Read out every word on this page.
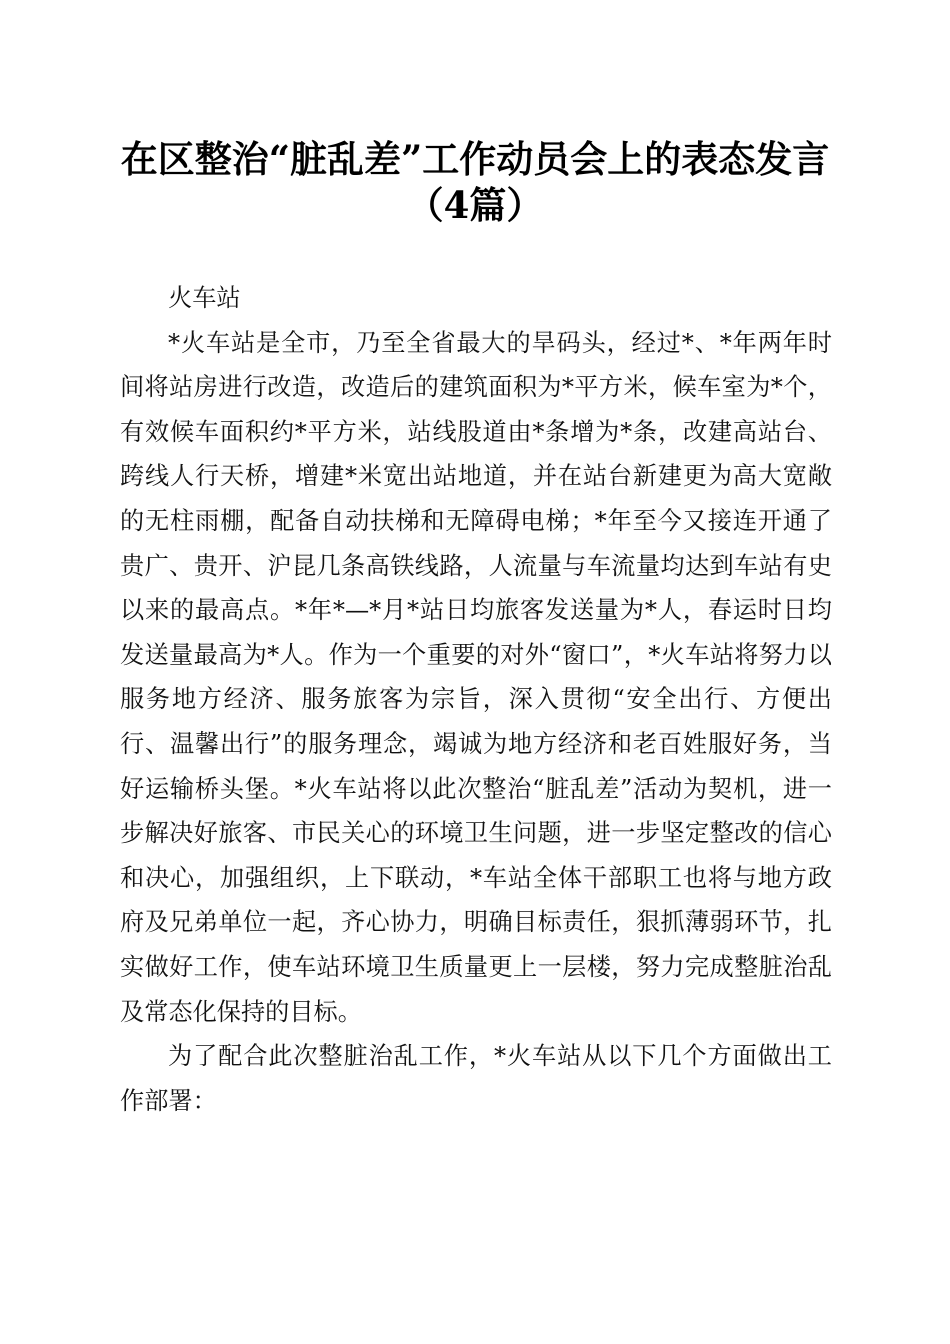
在区整治“脏乱差”工作动员会上的表态发言
（4篇）

火车站

*火车站是全市，乃至全省最大的旱码头，经过*、*年两年时间将站房进行改造，改造后的建筑面积为*平方米，候车室为*个，有效候车面积约*平方米，站线股道由*条增为*条，改建高站台、跨线人行天桥，增建*米宽出站地道，并在站台新建更为高大宽敞的无柱雨棚，配备自动扶梯和无障碍电梯；*年至今又接连开通了贵广、贵开、沪昆几条高铁线路，人流量与车流量均达到车站有史以来的最高点。*年*—*月*站日均旅客发送量为*人，春运时日均发送量最高为*人。作为一个重要的对外“窗口”，*火车站将努力以服务地方经济、服务旅客为宗旨，深入贯彻“安全出行、方便出行、温馨出行”的服务理念，竭诚为地方经济和老百姓服好务，当好运输桥头堡。*火车站将以此次整治“脏乱差”活动为契机，进一步解决好旅客、市民关心的环境卫生问题，进一步坚定整改的信心和决心，加强组织，上下联动，*车站全体干部职工也将与地方政府及兄弟单位一起，齐心协力，明确目标责任，狠抓薄弱环节，扎实做好工作，使车站环境卫生质量更上一层楼，努力完成整脏治乱及常态化保持的目标。

为了配合此次整脏治乱工作，*火车站从以下几个方面做出工作部署：
